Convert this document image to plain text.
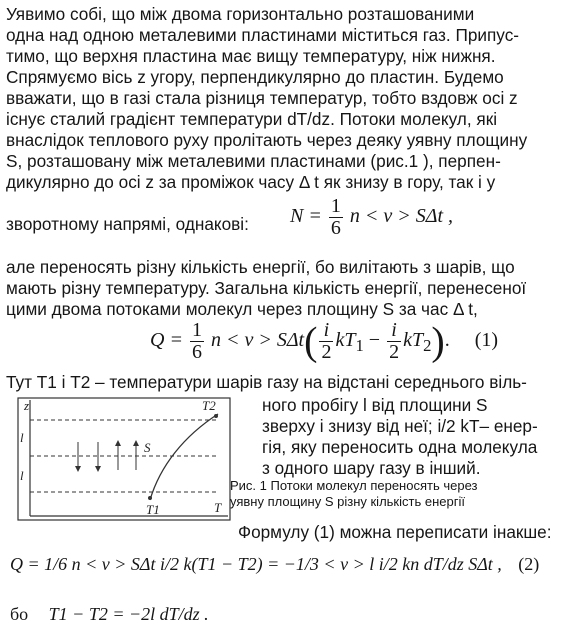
Уявимо собі, що між двома горизонтально розташованими
одна над одною металевими пластинами міститься газ. Припус-
тимо, що верхня пластина має вищу температуру, ніж нижня.
Спрямуємо вісь z угору, перпендикулярно до пластин. Будемо
вважати, що в газі стала різниця температур, тобто вздовж осі z
існує сталий градієнт температури dT/dz. Потоки молекул, які
внаслідок теплового руху пролітають через деяку уявну площину
S, розташовану між металевими пластинами (рис.1 ), перпен-
дикулярно до осі z за проміжок часу Δ t як знизу в гору, так і у
зворотному напрямі, однакові: $N = \frac{1}{6}$ n < v > SΔt ,
але переносять різну кількість енергії, бо вилітають з шарів, що
мають різну температуру. Загальна кількість енергії, перенесеної
цими двома потоками молекул через площину S за час Δ t,
$Q = \frac{1}{6}$ $n < v > S\Delta t( \frac{i}{2} kT_1 - \frac{i}{2} kT_2)$. (1)
Тут T1 і T2 – температури шарів газу на відстані середнього віль-
ного пробігу l від площини S
зверху і знизу від неї; i/2 kT– енер-
гія, яку переносить одна молекула
з одного шару газу в інший.
z
T
l
l
S
T1
T2
Рис. 1 Потоки молекул переносять через
уявну площину S різну кількість енергії
Формулу (1) можна переписати інакше:
Q = 1/6 n < v > SΔt i/2 k(T1 − T2) = −1/3 < v > l i/2 kn dT/dz SΔt , (2)
бо T1 − T2 = −2l dT/dz .
